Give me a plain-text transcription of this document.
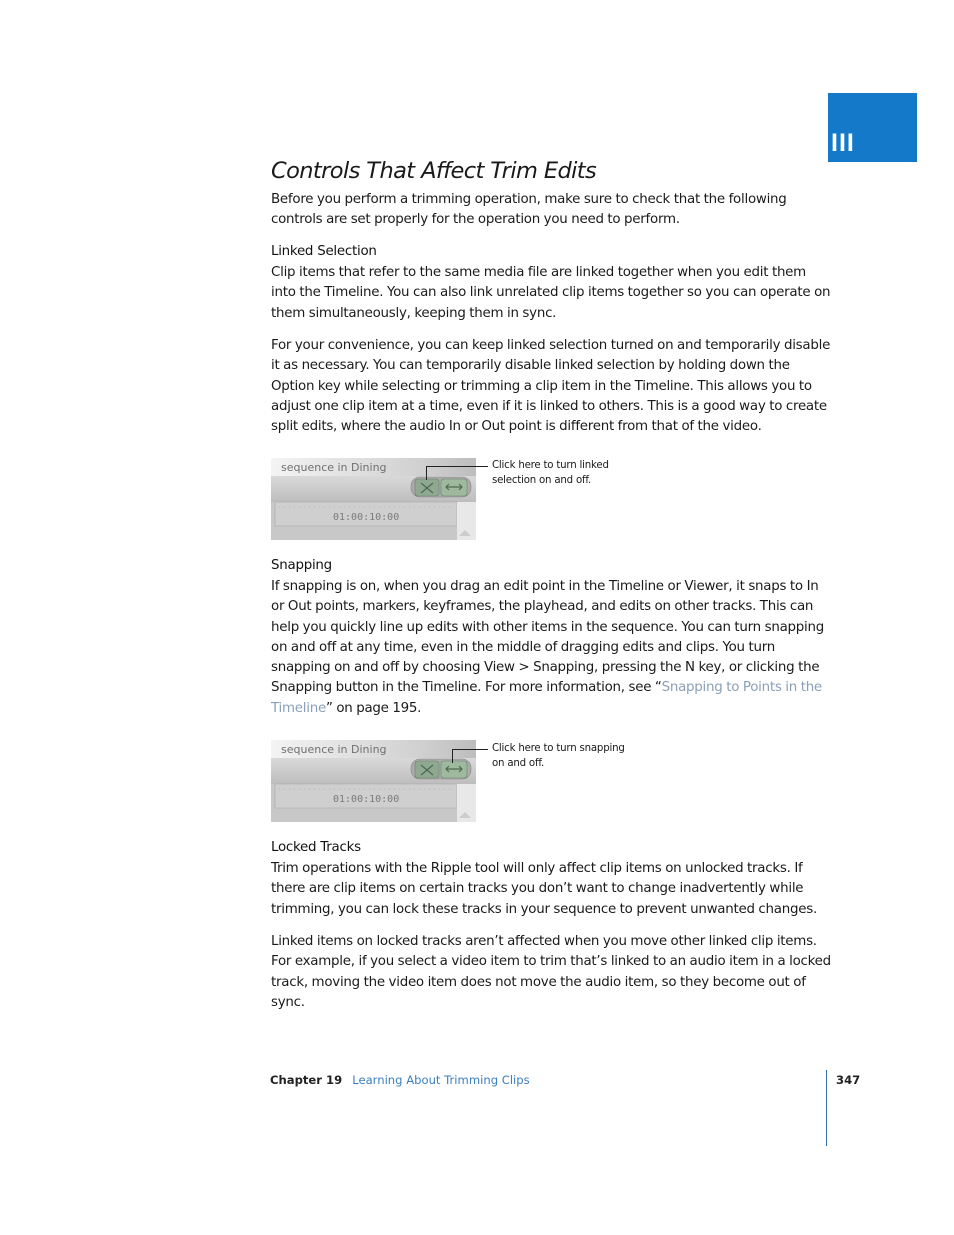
III
Controls That Affect Trim Edits

Before you perform a trimming operation, make sure to check that the following controls are set properly for the operation you need to perform.

Linked Selection

Clip items that refer to the same media file are linked together when you edit them into the Timeline. You can also link unrelated clip items together so you can operate on them simultaneously, keeping them in sync.

For your convenience, you can keep linked selection turned on and temporarily disable it as necessary. You can temporarily disable linked selection by holding down the Option key while selecting or trimming a clip item in the Timeline. This allows you to adjust one clip item at a time, even if it is linked to others. This is a good way to create split edits, where the audio In or Out point is different from that of the video.

sequence in Dining
01:00:10:00

Click here to turn linked selection on and off.

Snapping

If snapping is on, when you drag an edit point in the Timeline or Viewer, it snaps to In or Out points, markers, keyframes, the playhead, and edits on other tracks. This can help you quickly line up edits with other items in the sequence. You can turn snapping on and off at any time, even in the middle of dragging edits and clips. You turn snapping on and off by choosing View > Snapping, pressing the N key, or clicking the Snapping button in the Timeline. For more information, see “Snapping to Points in the Timeline” on page 195.

sequence in Dining
01:00:10:00

Click here to turn snapping on and off.

Locked Tracks

Trim operations with the Ripple tool will only affect clip items on unlocked tracks. If there are clip items on certain tracks you don’t want to change inadvertently while trimming, you can lock these tracks in your sequence to prevent unwanted changes.

Linked items on locked tracks aren’t affected when you move other linked clip items. For example, if you select a video item to trim that’s linked to an audio item in a locked track, moving the video item does not move the audio item, so they become out of sync.

Chapter 19 Learning About Trimming Clips	347
